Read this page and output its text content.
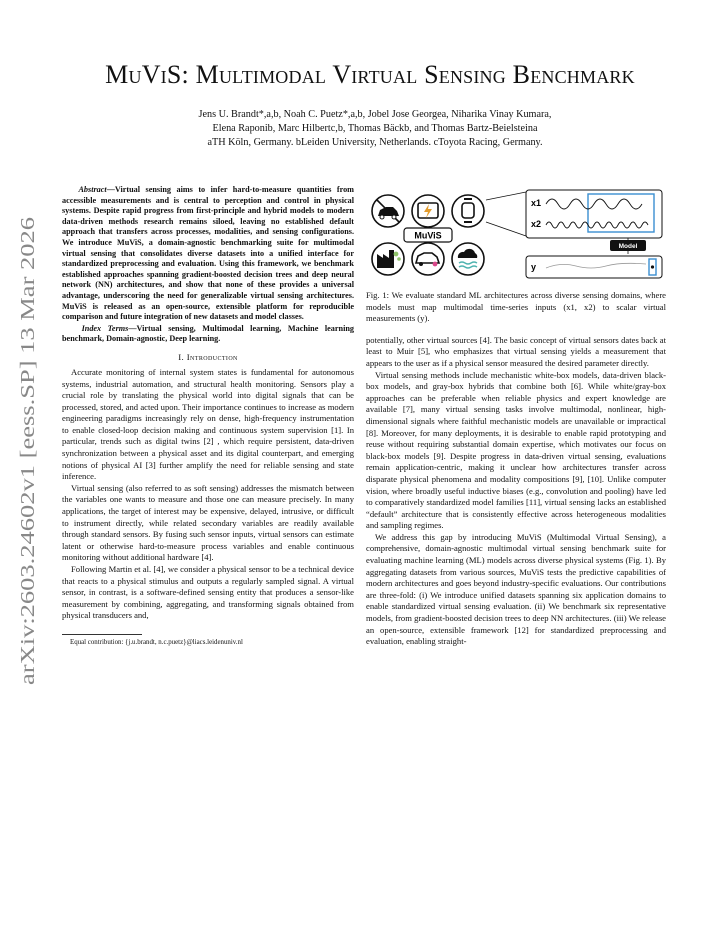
arXiv:2603.24602v1 [eess.SP] 13 Mar 2026
MuViS: Multimodal Virtual Sensing Benchmark
Jens U. Brandt*,a,b, Noah C. Puetz*,a,b, Jobel Jose Georgea, Niharika Vinay Kumara,
Elena Raponib, Marc Hilbertc,b, Thomas Bäckb, and Thomas Bartz-Beielsteina
aTH Köln, Germany. bLeiden University, Netherlands. cToyota Racing, Germany.
Abstract—Virtual sensing aims to infer hard-to-measure quantities from accessible measurements and is central to perception and control in physical systems. Despite rapid progress from first-principle and hybrid models to modern data-driven methods research remains siloed, leaving no established default approach that transfers across processes, modalities, and sensing configurations. We introduce MuViS, a domain-agnostic benchmarking suite for multimodal virtual sensing that consolidates diverse datasets into a unified interface for standardized preprocessing and evaluation. Using this framework, we benchmark established approaches spanning gradient-boosted decision trees and deep neural network (NN) architectures, and show that none of these provides a universal advantage, underscoring the need for generalizable virtual sensing architectures. MuViS is released as an open-source, extensible platform for reproducible comparison and future integration of new datasets and model classes.
Index Terms—Virtual sensing, Multimodal learning, Machine learning benchmark, Domain-agnostic, Deep learning.
I. Introduction

Accurate monitoring of internal system states is fundamental for autonomous systems, industrial automation, and structural health monitoring. Sensors play a crucial role by translating the physical world into digital signals that can be processed, stored, and acted upon. Their importance continues to increase as modern engineering paradigms increasingly rely on dense, high-frequency instrumentation to enable closed-loop decision making and continuous system supervision [1]. In particular, trends such as digital twins [2] , which require persistent, data-driven synchronization between a physical asset and its digital counterpart, and emerging notions of physical AI [3] further amplify the need for reliable sensing and state inference.

Virtual sensing (also referred to as soft sensing) addresses the mismatch between the variables one wants to measure and those one can measure precisely. In many applications, the target of interest may be expensive, delayed, intrusive, or difficult to instrument directly, while related secondary variables are readily available through standard sensors. By fusing such sensor inputs, virtual sensors can estimate latent or otherwise hard-to-measure process variables and enable continuous monitoring without additional hardware [4].

Following Martin et al. [4], we consider a physical sensor to be a technical device that reacts to a physical stimulus and outputs a regularly sampled signal. A virtual sensor, in contrast, is a software-defined sensing entity that produces a sensor-like measurement by combining, aggregating, and transforming signals obtained from physical transducers and,

Equal contribution: {j.u.brandt, n.c.puetz}@liacs.leidenuniv.nl
MuViS
x1
x2
Model
y
Fig. 1: We evaluate standard ML architectures across diverse sensing domains, where models must map multimodal time-series inputs (x1, x2) to scalar virtual measurements (y).

potentially, other virtual sources [4]. The basic concept of virtual sensors dates back at least to Muir [5], who emphasizes that virtual sensing yields a measurement that appears to the user as if a physical sensor measured the desired parameter directly.

Virtual sensing methods include mechanistic white-box models, data-driven black-box models, and gray-box hybrids that combine both [6]. While white/gray-box approaches can be preferable when reliable physics and expert knowledge are available [7], many virtual sensing tasks involve multimodal, nonlinear, high-dimensional signals where faithful mechanistic models are unavailable or impractical [8]. Moreover, for many deployments, it is desirable to enable rapid prototyping and reuse without requiring substantial domain expertise, which motivates our focus on black-box models [9]. Despite progress in data-driven virtual sensing, evaluations remain application-centric, making it unclear how architectures transfer across disparate physical phenomena and modality compositions [9], [10]. Unlike computer vision, where broadly useful inductive biases (e.g., convolution and pooling) have led to comparatively standardized model families [11], virtual sensing lacks an established “default” architecture that is consistently effective across heterogeneous modalities and sampling regimes.

We address this gap by introducing MuViS (Multimodal Virtual Sensing), a comprehensive, domain-agnostic multimodal virtual sensing benchmark suite for evaluating machine learning (ML) models across diverse physical systems (Fig. 1). By aggregating datasets from various sources, MuViS tests the predictive capabilities of modern architectures and goes beyond industry-specific evaluations. Our contributions are three-fold: (i) We introduce unified datasets spanning six application domains to enable standardized virtual sensing evaluation. (ii) We benchmark six representative models, from gradient-boosted decision trees to deep NN architectures. (iii) We release an open-source, extensible framework [12] for standardized preprocessing and evaluation, enabling straight-
